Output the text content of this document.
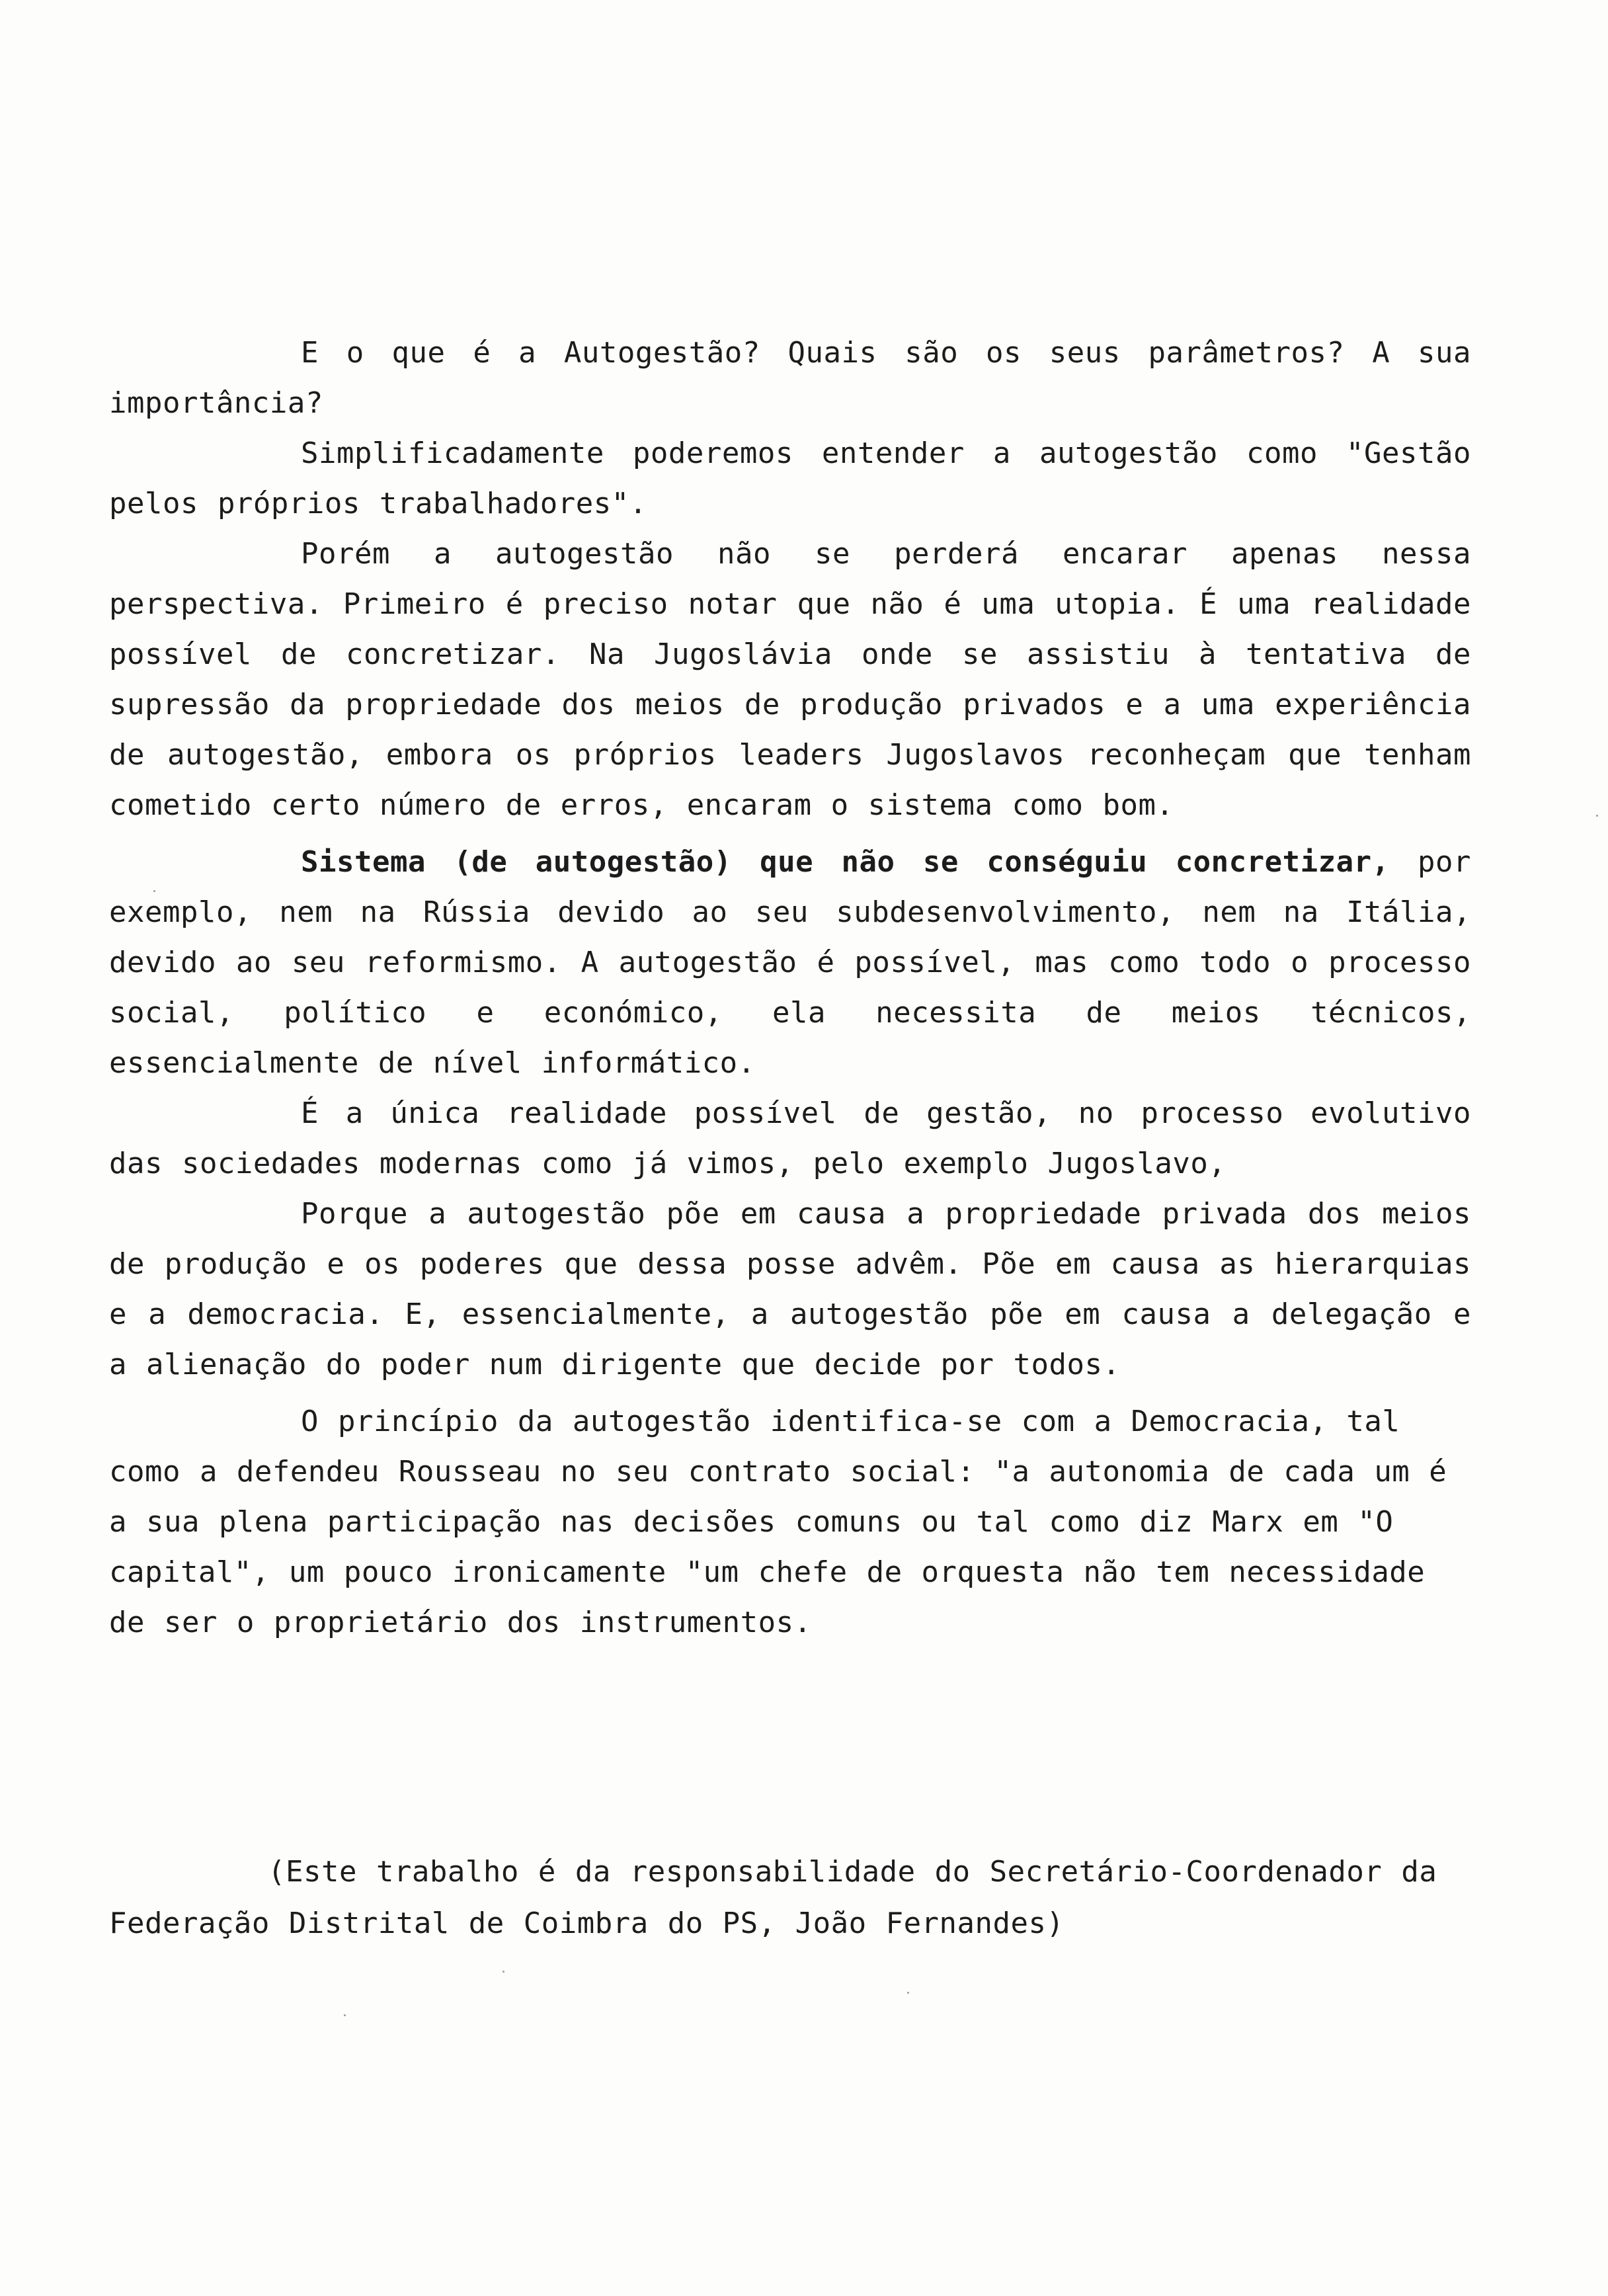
E o que é a Autogestão? Quais são os seus parâmetros? A sua importância?

Simplificadamente poderemos entender a autogestão como "Gestão pelos próprios trabalhadores".

Porém a autogestão não se perderá encarar apenas nessa perspectiva. Primeiro é preciso notar que não é uma utopia. É uma realidade possível de concretizar. Na Jugoslávia onde se assistiu à tentativa de supressão da propriedade dos meios de produção privados e a uma experiência de autogestão, embora os próprios leaders Jugoslavos reconheçam que tenham cometido certo número de erros, encaram o sistema como bom.

Sistema (de autogestão) que não se conséguiu concretizar, por exemplo, nem na Rússia devido ao seu subdesenvolvimento, nem na Itália, devido ao seu reformismo. A autogestão é possível, mas como todo o processo social, político e económico, ela necessita de meios técnicos, essencialmente de nível informático.

É a única realidade possível de gestão, no processo evolutivo das sociedades modernas como já vimos, pelo exemplo Jugoslavo,

Porque a autogestão põe em causa a propriedade privada dos meios de produção e os poderes que dessa posse advêm. Põe em causa as hierarquias e a democracia. E, essencialmente, a autogestão põe em causa a delegação e a alienação do poder num dirigente que decide por todos.

O princípio da autogestão identifica-se com a Democracia, tal como a defendeu Rousseau no seu contrato social: "a autonomia de cada um é a sua plena participação nas decisões comuns ou tal como diz Marx em "O capital", um pouco ironicamente "um chefe de orquesta não tem necessidade de ser o proprietário dos instrumentos.

(Este trabalho é da responsabilidade do Secretário-Coordenador da Federação Distrital de Coimbra do PS, João Fernandes)
